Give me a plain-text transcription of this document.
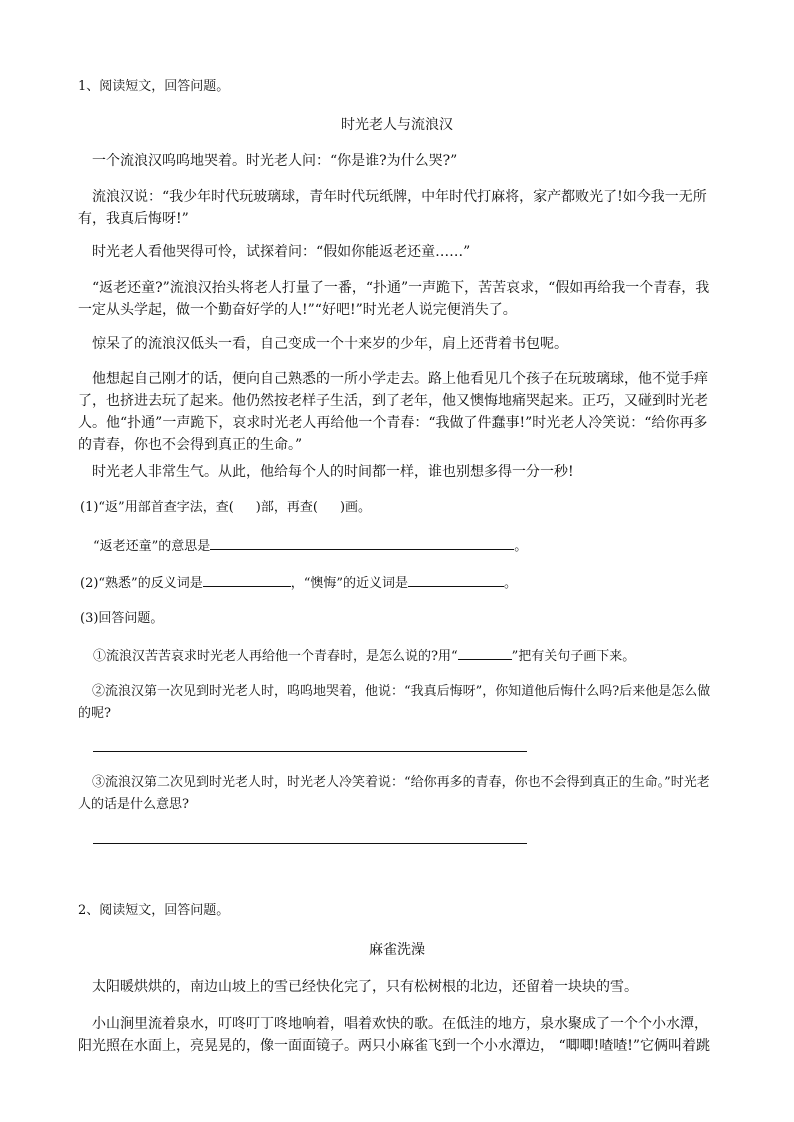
1、阅读短文，回答问题。
时光老人与流浪汉
一个流浪汉呜呜地哭着。时光老人问：“你是谁?为什么哭?”
流浪汉说：“我少年时代玩玻璃球，青年时代玩纸牌，中年时代打麻将，家产都败光了!如今我一无所有，我真后悔呀!”
时光老人看他哭得可怜，试探着问：“假如你能返老还童……”
“返老还童?”流浪汉抬头将老人打量了一番，“扑通”一声跪下，苦苦哀求，“假如再给我一个青春，我一定从头学起，做一个勤奋好学的人!”“好吧!”时光老人说完便消失了。
惊呆了的流浪汉低头一看，自己变成一个十来岁的少年，肩上还背着书包呢。
他想起自己刚才的话，便向自己熟悉的一所小学走去。路上他看见几个孩子在玩玻璃球，他不觉手痒了，也挤进去玩了起来。他仍然按老样子生活，到了老年，他又懊悔地痛哭起来。正巧，又碰到时光老人。他“扑通”一声跪下，哀求时光老人再给他一个青春：“我做了件蠢事!”时光老人冷笑说：“给你再多的青春，你也不会得到真正的生命。”
时光老人非常生气。从此，他给每个人的时间都一样，谁也别想多得一分一秒!
(1)“返”用部首查字法，查( )部，再查( )画。
“返老还童”的意思是	。
(2)“熟悉”的反义词是	，“懊悔”的近义词是	。
(3)回答问题。
①流浪汉苦苦哀求时光老人再给他一个青春时，是怎么说的?用“	”把有关句子画下来。
②流浪汉第一次见到时光老人时，呜呜地哭着，他说：“我真后悔呀”，你知道他后悔什么吗?后来他是怎么做的呢?
③流浪汉第二次见到时光老人时，时光老人冷笑着说：“给你再多的青春，你也不会得到真正的生命。”时光老人的话是什么意思?
2、阅读短文，回答问题。
麻雀洗澡
太阳暖烘烘的，南边山坡上的雪已经快化完了，只有松树根的北边，还留着一块块的雪。
小山涧里流着泉水，叮咚叮丁咚地响着，唱着欢快的歌。在低洼的地方，泉水聚成了一个个小水潭，阳光照在水面上，亮晃晃的，像一面面镜子。两只小麻雀飞到一个小水潭边， “唧唧!喳喳!”它俩叫着跳
